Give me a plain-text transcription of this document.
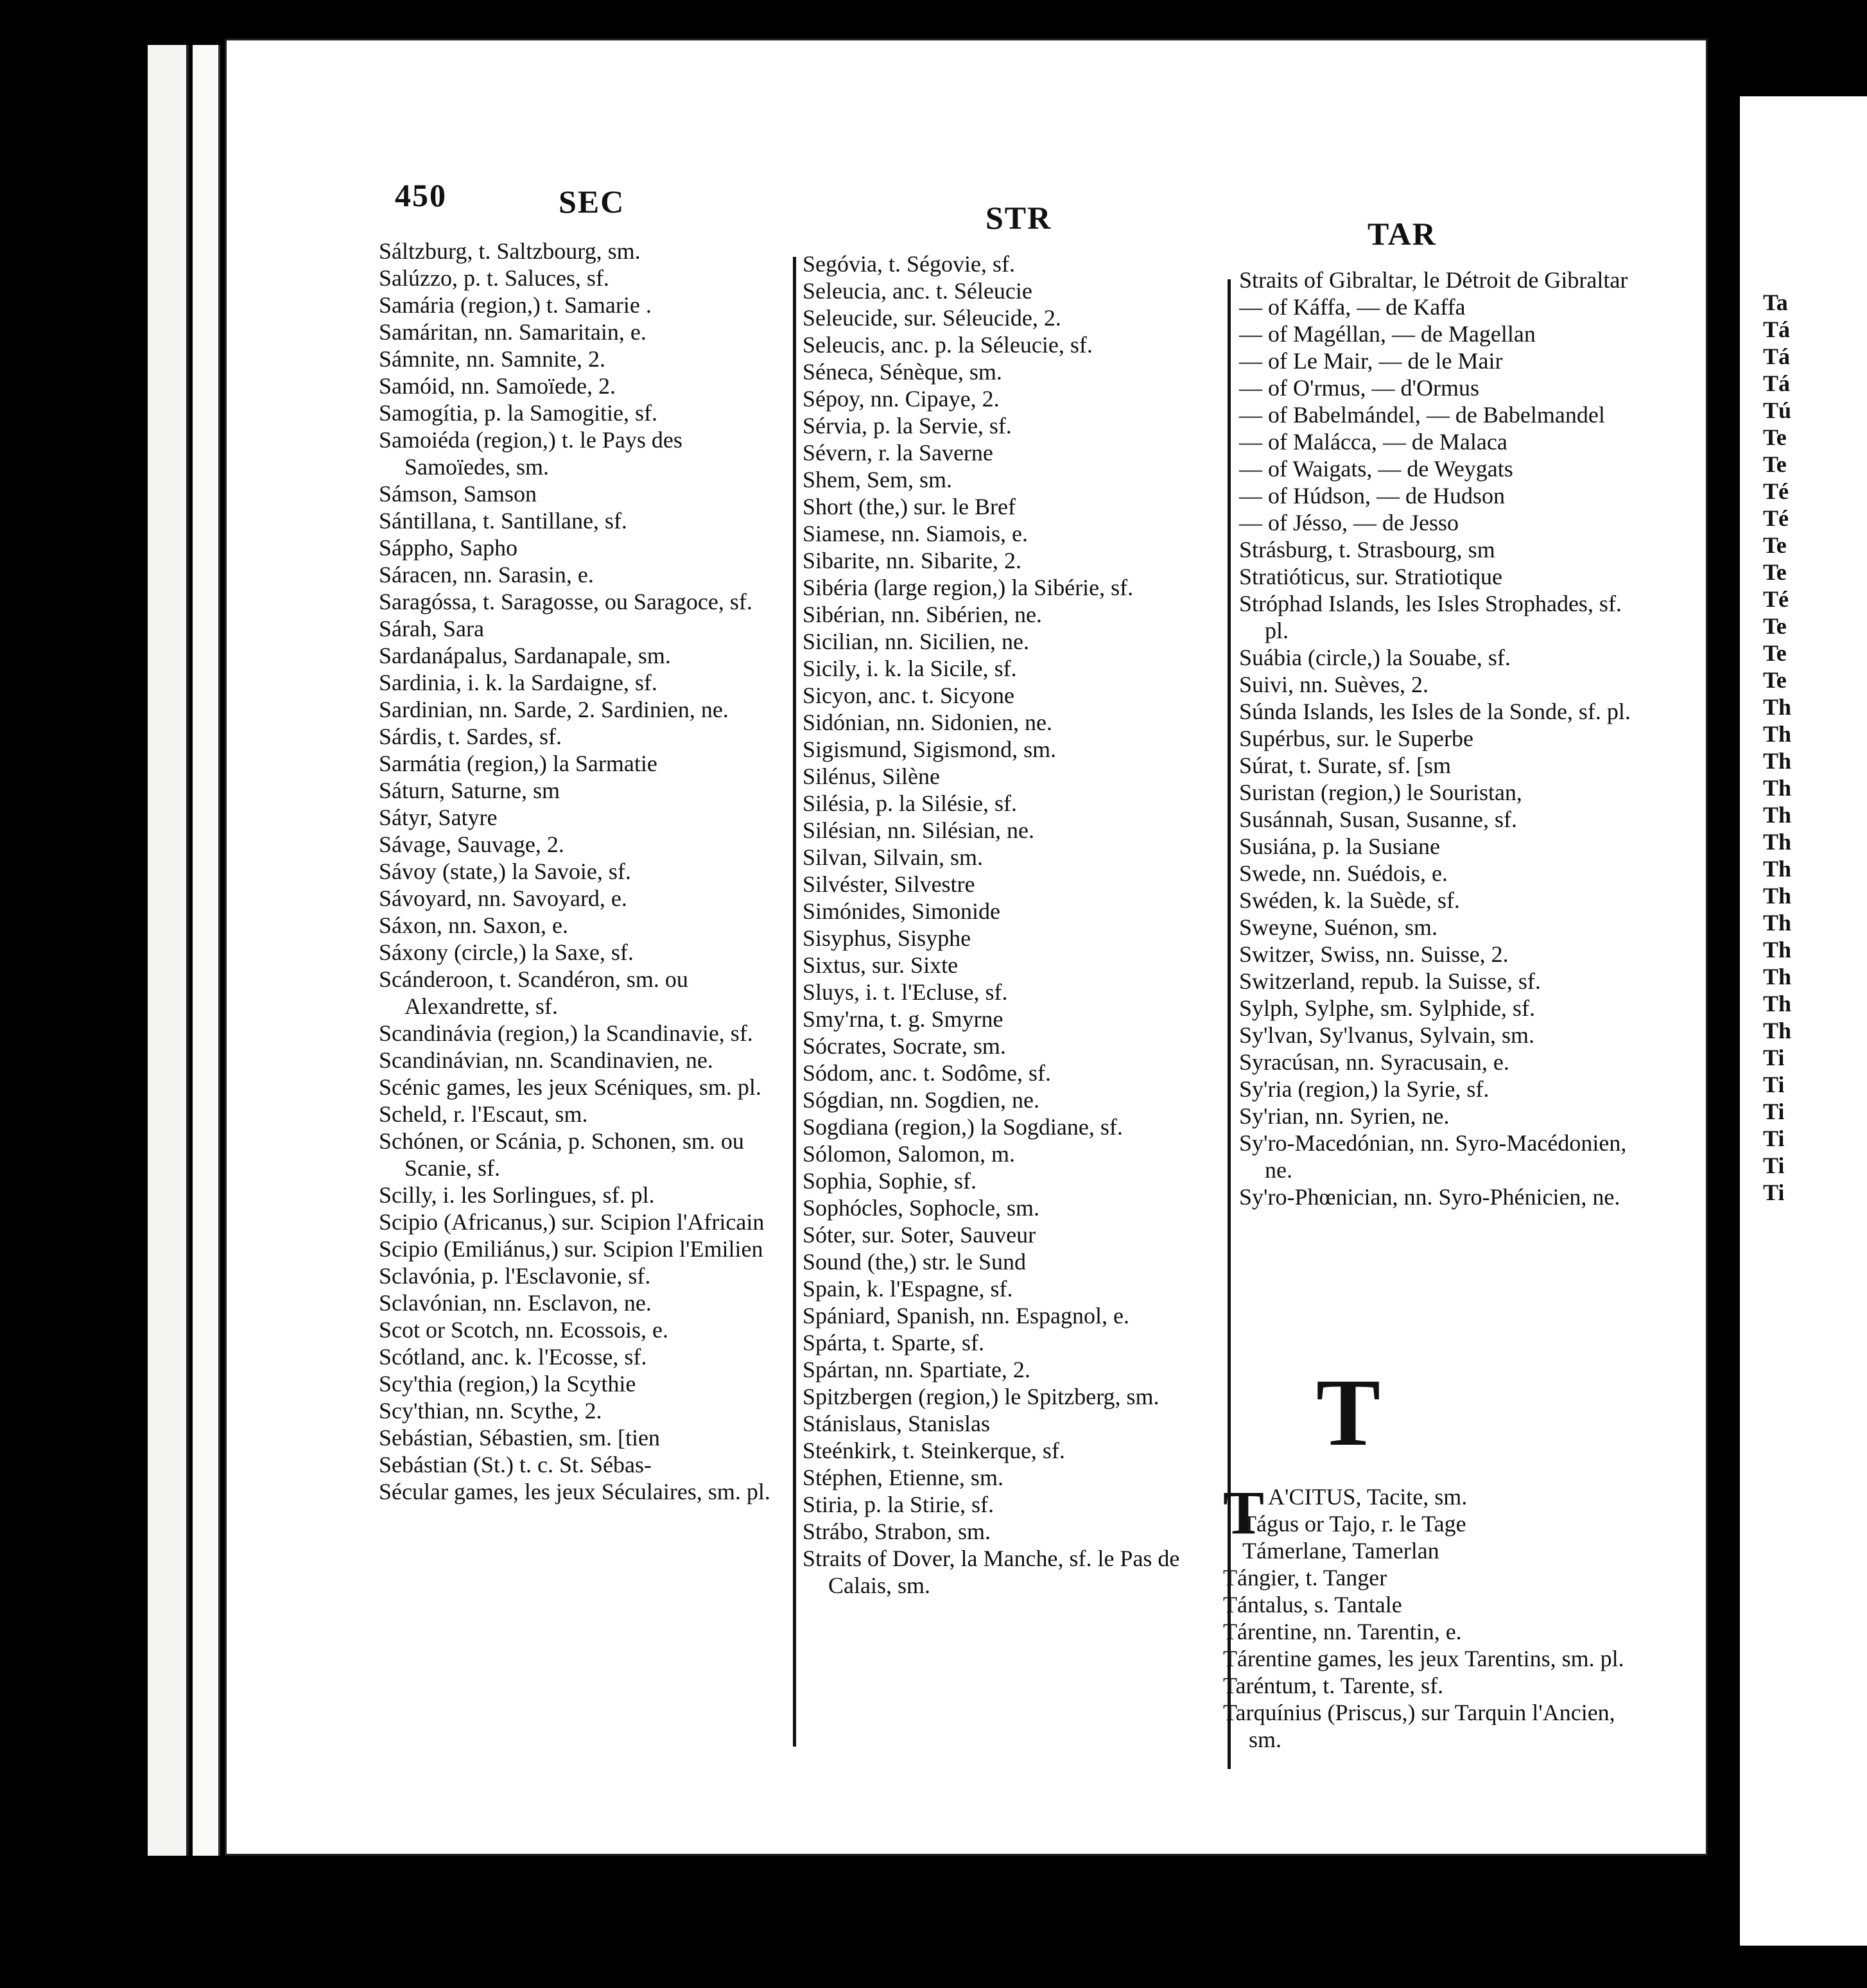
450	SEC	STR	TAR

Sáltzburg, t. Saltzbourg, sm.

Salúzzo, p. t. Saluces, sf.

Samária (region,) t. Samarie .

Samáritan, nn. Samaritain, e.

Sámnite, nn. Samnite, 2.

Samóid, nn. Samoïede, 2.

Samogítia, p. la Samogitie, sf.

Samoiéda (region,) t. le Pays des Samoïedes, sm.

Sámson, Samson

Sántillana, t. Santillane, sf.

Sáppho, Sapho

Sáracen, nn. Sarasin, e.

Saragóssa, t. Saragosse, ou Saragoce, sf.

Sárah, Sara

Sardanápalus, Sardanapale, sm.

Sardinia, i. k. la Sardaigne, sf.

Sardinian, nn. Sarde, 2. Sardinien, ne.

Sárdis, t. Sardes, sf.

Sarmátia (region,) la Sarmatie

Sáturn, Saturne, sm

Sátyr, Satyre

Sávage, Sauvage, 2.

Sávoy (state,) la Savoie, sf.

Sávoyard, nn. Savoyard, e.

Sáxon, nn. Saxon, e.

Sáxony (circle,) la Saxe, sf.

Scánderoon, t. Scandéron, sm. ou Alexandrette, sf.

Scandinávia (region,) la Scandinavie, sf.

Scandinávian, nn. Scandinavien, ne.

Scénic games, les jeux Scéniques, sm. pl.

Scheld, r. l'Escaut, sm.

Schónen, or Scánia, p. Schonen, sm. ou Scanie, sf.

Scilly, i. les Sorlingues, sf. pl.

Scipio (Africanus,) sur. Scipion l'Africain

Scipio (Emiliánus,) sur. Scipion l'Emilien

Sclavónia, p. l'Esclavonie, sf.

Sclavónian, nn. Esclavon, ne.

Scot or Scotch, nn. Ecossois, e.

Scótland, anc. k. l'Ecosse, sf.

Scy'thia (region,) la Scythie

Scy'thian, nn. Scythe, 2.

Sebástian, Sébastien, sm. [tien

Sebástian (St.) t. c. St. Sébas-

Sécular games, les jeux Séculaires, sm. pl.

Segóvia, t. Ségovie, sf.

Seleucia, anc. t. Séleucie

Seleucide, sur. Séleucide, 2.

Seleucis, anc. p. la Séleucie, sf.

Séneca, Sénèque, sm.

Sépoy, nn. Cipaye, 2.

Sérvia, p. la Servie, sf.

Sévern, r. la Saverne

Shem, Sem, sm.

Short (the,) sur. le Bref

Siamese, nn. Siamois, e.

Sibarite, nn. Sibarite, 2.

Sibéria (large region,) la Sibérie, sf.

Sibérian, nn. Sibérien, ne.

Sicilian, nn. Sicilien, ne.

Sicily, i. k. la Sicile, sf.

Sicyon, anc. t. Sicyone

Sidónian, nn. Sidonien, ne.

Sigismund, Sigismond, sm.

Silénus, Silène

Silésia, p. la Silésie, sf.

Silésian, nn. Silésian, ne.

Silvan, Silvain, sm.

Silvéster, Silvestre

Simónides, Simonide

Sisyphus, Sisyphe

Sixtus, sur. Sixte

Sluys, i. t. l'Ecluse, sf.

Smy'rna, t. g. Smyrne

Sócrates, Socrate, sm.

Sódom, anc. t. Sodôme, sf.

Sógdian, nn. Sogdien, ne.

Sogdiana (region,) la Sogdiane, sf.

Sólomon, Salomon, m.

Sophia, Sophie, sf.

Sophócles, Sophocle, sm.

Sóter, sur. Soter, Sauveur

Sound (the,) str. le Sund

Spain, k. l'Espagne, sf.

Spániard, Spanish, nn. Espagnol, e.

Spárta, t. Sparte, sf.

Spártan, nn. Spartiate, 2.

Spitzbergen (region,) le Spitzberg, sm.

Stánislaus, Stanislas

Steénkirk, t. Steinkerque, sf.

Stéphen, Etienne, sm.

Stiria, p. la Stirie, sf.

Strábo, Strabon, sm.

Straits of Dover, la Manche, sf. le Pas de Calais, sm.

Straits of Gibraltar, le Détroit de Gibraltar

— of Káffa, — de Kaffa

— of Magéllan, — de Magellan

— of Le Mair, — de le Mair

— of O'rmus, — d'Ormus

— of Babelmándel, — de Babelmandel

— of Malácca, — de Malaca

— of Waigats, — de Weygats

— of Húdson, — de Hudson

— of Jésso, — de Jesso

Strásburg, t. Strasbourg, sm

Stratióticus, sur. Stratiotique

Stróphad Islands, les Isles Strophades, sf. pl.

Suábia (circle,) la Souabe, sf.

Suivi, nn. Suèves, 2.

Súnda Islands, les Isles de la Sonde, sf. pl.

Supérbus, sur. le Superbe

Súrat, t. Surate, sf. [sm

Suristan (region,) le Souristan,

Susánnah, Susan, Susanne, sf.

Susiána, p. la Susiane

Swede, nn. Suédois, e.

Swéden, k. la Suède, sf.

Sweyne, Suénon, sm.

Switzer, Swiss, nn. Suisse, 2.

Switzerland, repub. la Suisse, sf.

Sylph, Sylphe, sm. Sylphide, sf.

Sy'lvan, Sy'lvanus, Sylvain, sm.

Syracúsan, nn. Syracusain, e.

Sy'ria (region,) la Syrie, sf.

Sy'rian, nn. Syrien, ne.

Sy'ro-Macedónian, nn. Syro-Macédonien, ne.

Sy'ro-Phœnician, nn. Syro-Phénicien, ne.

T

T A'CITUS, Tacite, sm.

Tágus or Tajo, r. le Tage

Támerlane, Tamerlan

Tángier, t. Tanger

Tántalus, s. Tantale

Tárentine, nn. Tarentin, e.

Tárentine games, les jeux Tarentins, sm. pl.

Taréntum, t. Tarente, sf.

Tarquínius (Priscus,) sur Tarquin l'Ancien, sm.

Ta
Tá
Tá
Tá
Tú
Te
Te
Té
Té
Te
Te
Té
Te
Te
Te
Th
Th
Th
Th
Th
Th
Th
Th
Th
Th
Th
Th
Th
Ti
Ti
Ti
Ti
Ti
Ti
